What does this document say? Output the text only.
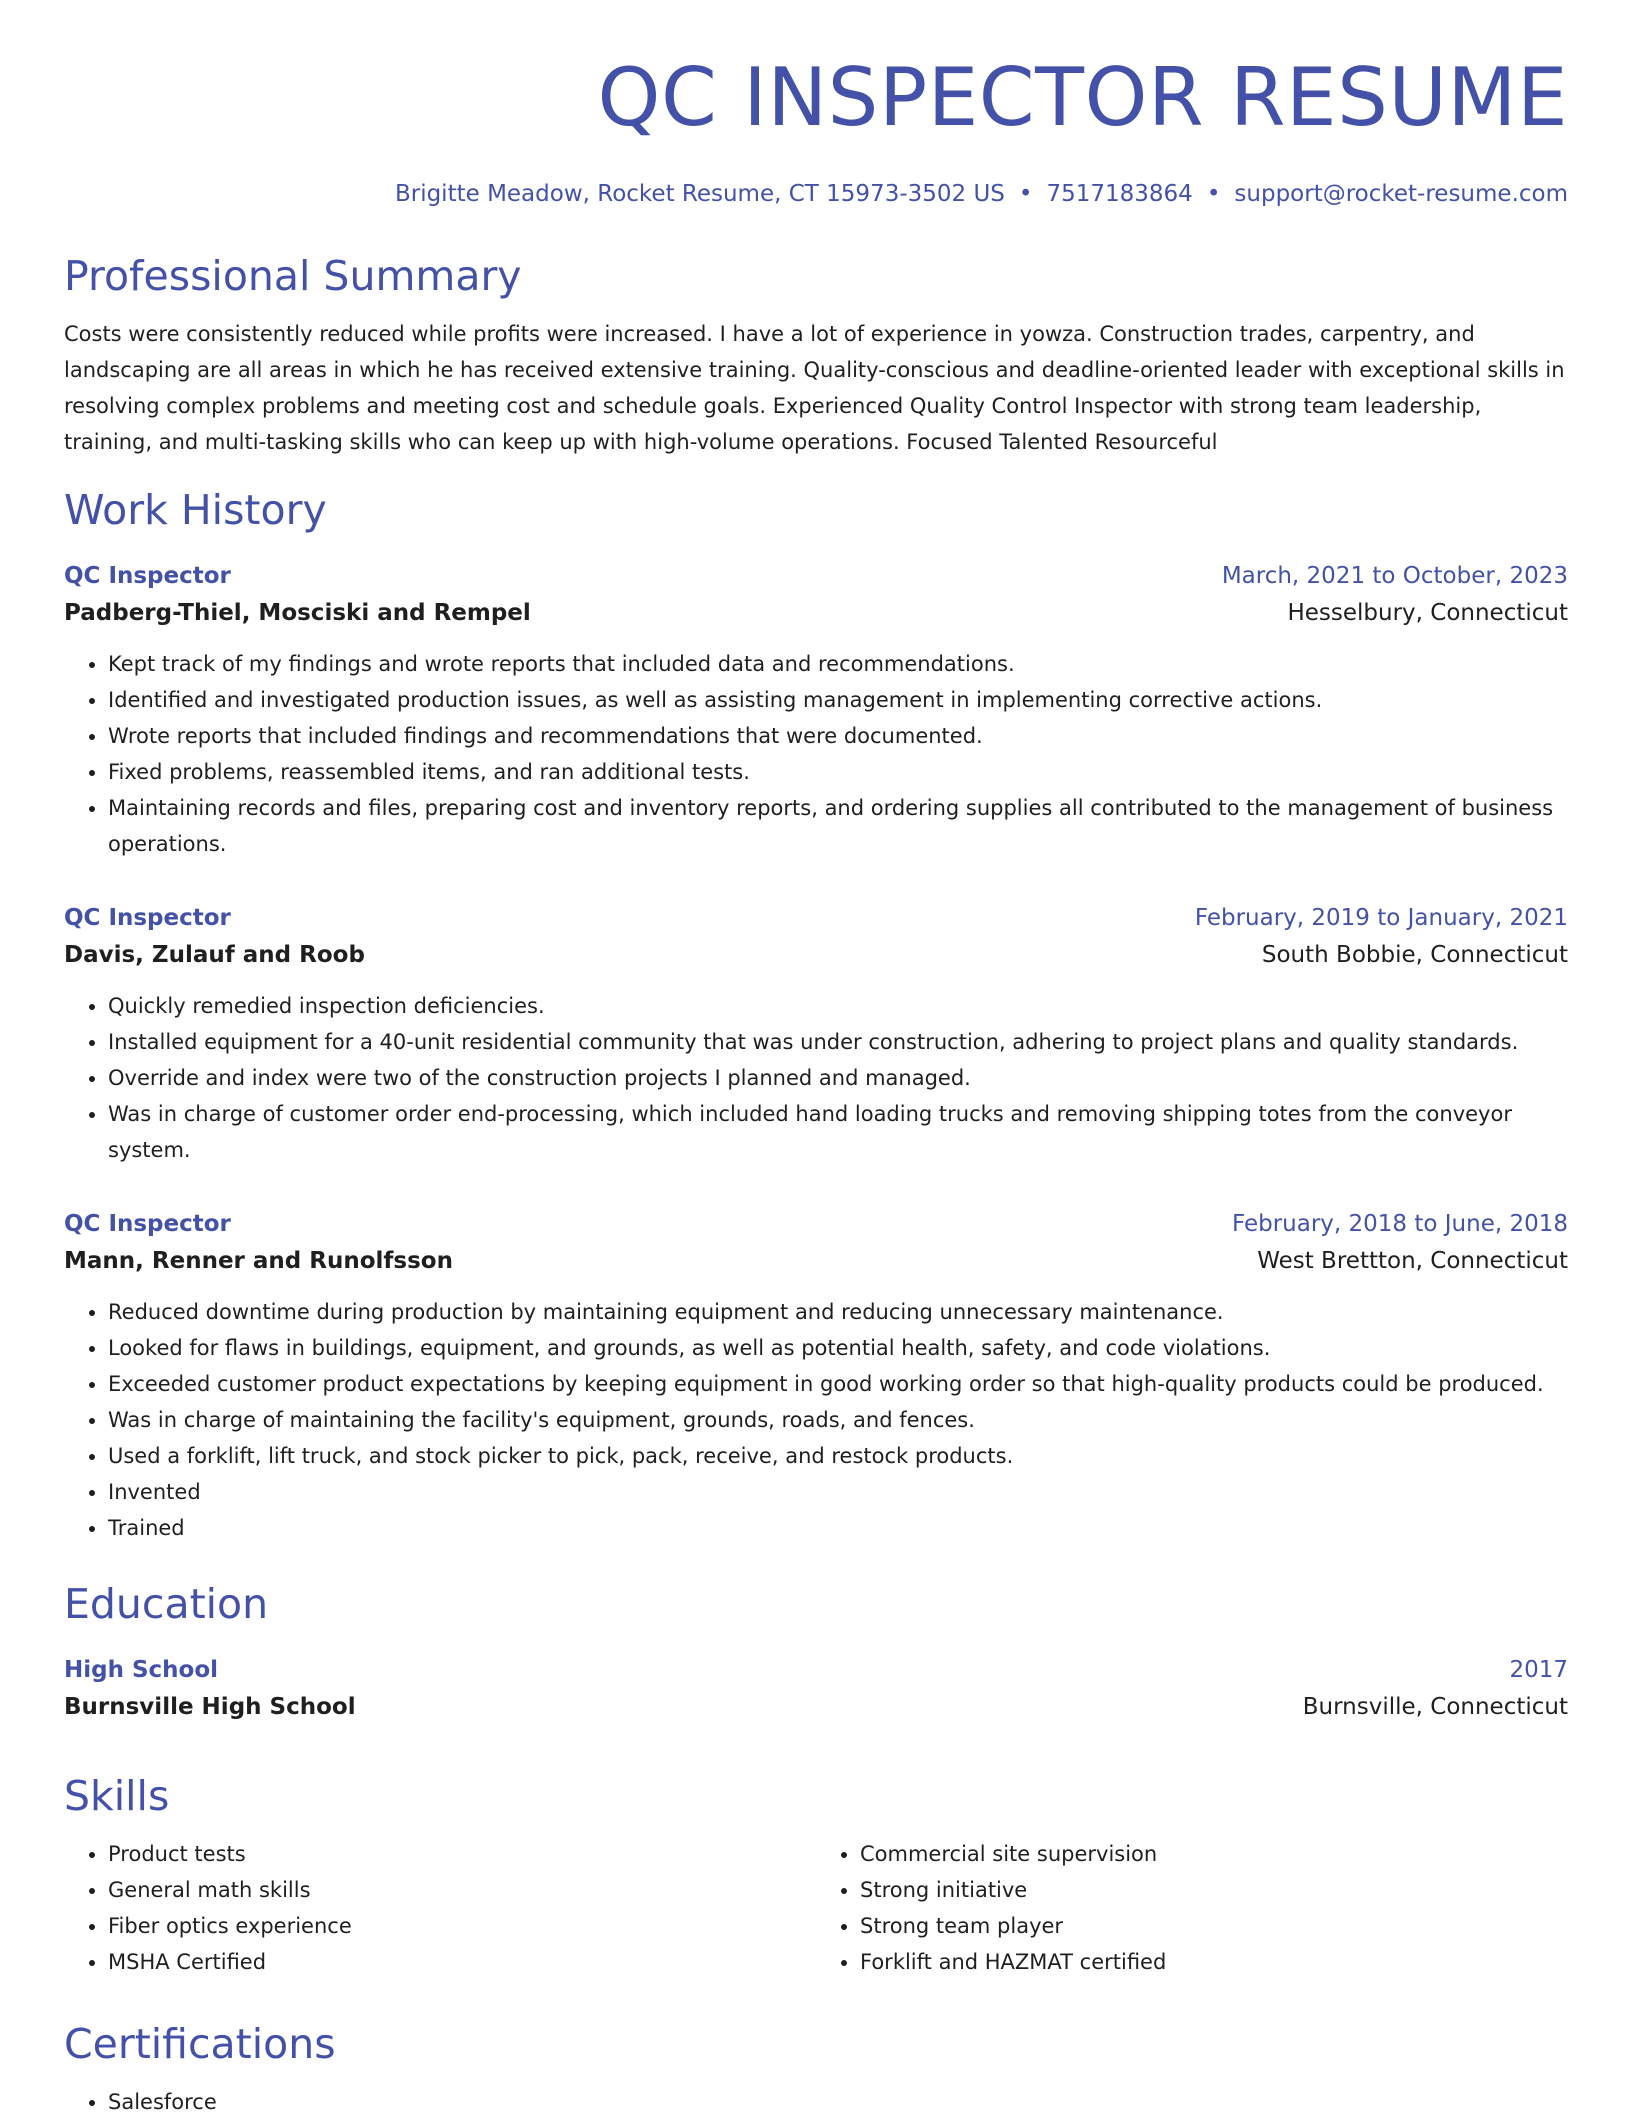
QC INSPECTOR RESUME
Brigitte Meadow, Rocket Resume, CT 15973-3502 US • 7517183864 • support@rocket-resume.com
Professional Summary
Costs were consistently reduced while profits were increased. I have a lot of experience in yowza. Construction trades, carpentry, and landscaping are all areas in which he has received extensive training. Quality-conscious and deadline-oriented leader with exceptional skills in resolving complex problems and meeting cost and schedule goals. Experienced Quality Control Inspector with strong team leadership, training, and multi-tasking skills who can keep up with high-volume operations. Focused Talented Resourceful
Work History
QC Inspector	March, 2021 to October, 2023
Padberg-Thiel, Mosciski and Rempel	Hesselbury, Connecticut
• Kept track of my findings and wrote reports that included data and recommendations.
• Identified and investigated production issues, as well as assisting management in implementing corrective actions.
• Wrote reports that included findings and recommendations that were documented.
• Fixed problems, reassembled items, and ran additional tests.
• Maintaining records and files, preparing cost and inventory reports, and ordering supplies all contributed to the management of business operations.
QC Inspector	February, 2019 to January, 2021
Davis, Zulauf and Roob	South Bobbie, Connecticut
• Quickly remedied inspection deficiencies.
• Installed equipment for a 40-unit residential community that was under construction, adhering to project plans and quality standards.
• Override and index were two of the construction projects I planned and managed.
• Was in charge of customer order end-processing, which included hand loading trucks and removing shipping totes from the conveyor system.
QC Inspector	February, 2018 to June, 2018
Mann, Renner and Runolfsson	West Brettton, Connecticut
• Reduced downtime during production by maintaining equipment and reducing unnecessary maintenance.
• Looked for flaws in buildings, equipment, and grounds, as well as potential health, safety, and code violations.
• Exceeded customer product expectations by keeping equipment in good working order so that high-quality products could be produced.
• Was in charge of maintaining the facility's equipment, grounds, roads, and fences.
• Used a forklift, lift truck, and stock picker to pick, pack, receive, and restock products.
• Invented
• Trained
Education
High School	2017
Burnsville High School	Burnsville, Connecticut
Skills
• Product tests
• General math skills
• Fiber optics experience
• MSHA Certified
• Commercial site supervision
• Strong initiative
• Strong team player
• Forklift and HAZMAT certified
Certifications
• Salesforce
